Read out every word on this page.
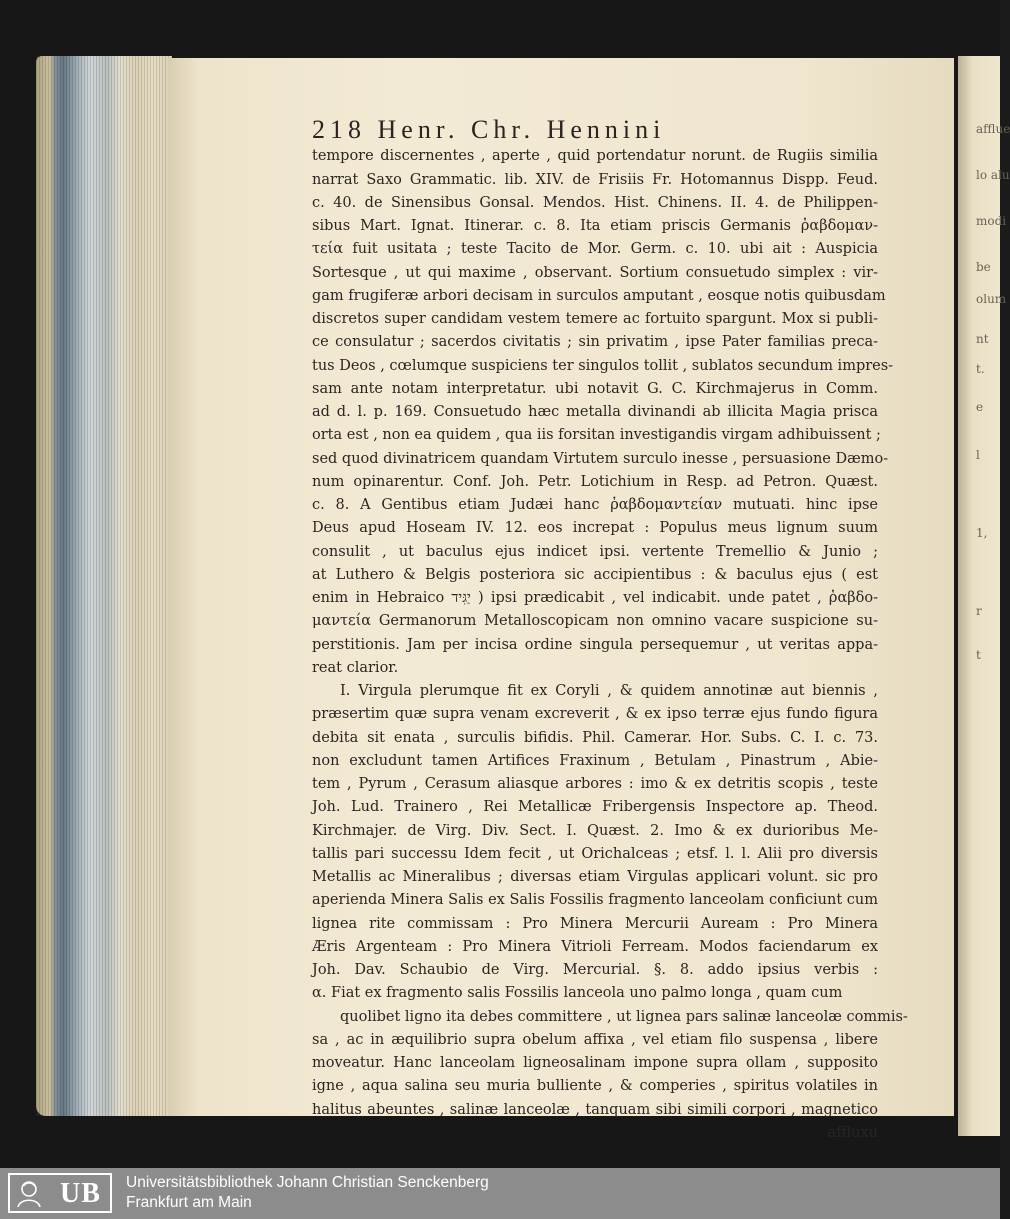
afflue
lo alu
modi
be
olum
nt
t.
e
l
1,
r
t
218 Henr. Chr. Hennini
tempore discernentes , aperte , quid portendatur norunt. de Rugiis similia
narrat Saxo Grammatic. lib. XIV. de Frisiis Fr. Hotomannus Dispp. Feud.
c. 40. de Sinensibus Gonsal. Mendos. Hist. Chinens. II. 4. de Philippen-
sibus Mart. Ignat. Itinerar. c. 8. Ita etiam priscis Germanis ῥαβδομαν-
τεία fuit usitata ; teste Tacito de Mor. Germ. c. 10. ubi ait : Auspicia
Sortesque , ut qui maxime , observant. Sortium consuetudo simplex : vir-
gam frugiferæ arbori decisam in surculos amputant , eosque notis quibusdam
discretos super candidam vestem temere ac fortuito spargunt. Mox si publi-
ce consulatur ; sacerdos civitatis ; sin privatim , ipse Pater familias preca-
tus Deos , cœlumque suspiciens ter singulos tollit , sublatos secundum impres-
sam ante notam interpretatur. ubi notavit G. C. Kirchmajerus in Comm.
ad d. l. p. 169. Consuetudo hæc metalla divinandi ab illicita Magia prisca
orta est , non ea quidem , qua iis forsitan investigandis virgam adhibuissent ;
sed quod divinatricem quandam Virtutem surculo inesse , persuasione Dæmo-
num opinarentur. Conf. Joh. Petr. Lotichium in Resp. ad Petron. Quæst.
c. 8. A Gentibus etiam Judæi hanc ῥαβδομαντείαν mutuati. hinc ipse
Deus apud Hoseam IV. 12. eos increpat : Populus meus lignum suum
consulit , ut baculus ejus indicet ipsi. vertente Tremellio & Junio ;
at Luthero & Belgis posteriora sic accipientibus : & baculus ejus ( est
enim in Hebraico יַגִּיד ) ipsi prædicabit , vel indicabit. unde patet , ῥαβδο-
μαντεία Germanorum Metalloscopicam non omnino vacare suspicione su-
perstitionis. Jam per incisa ordine singula persequemur , ut veritas appa-
reat clarior.
I. Virgula plerumque fit ex Coryli , & quidem annotinæ aut biennis ,
præsertim quæ supra venam excreverit , & ex ipso terræ ejus fundo figura
debita sit enata , surculis bifidis. Phil. Camerar. Hor. Subs. C. I. c. 73.
non excludunt tamen Artifices Fraxinum , Betulam , Pinastrum , Abie-
tem , Pyrum , Cerasum aliasque arbores : imo & ex detritis scopis , teste
Joh. Lud. Trainero , Rei Metallicæ Fribergensis Inspectore ap. Theod.
Kirchmajer. de Virg. Div. Sect. I. Quæst. 2. Imo & ex durioribus Me-
tallis pari successu Idem fecit , ut Orichalceas ; etsf. l. l. Alii pro diversis
Metallis ac Mineralibus ; diversas etiam Virgulas applicari volunt. sic pro
aperienda Minera Salis ex Salis Fossilis fragmento lanceolam conficiunt cum
lignea rite commissam : Pro Minera Mercurii Auream : Pro Minera
Æris Argenteam : Pro Minera Vitrioli Ferream. Modos faciendarum ex
Joh. Dav. Schaubio de Virg. Mercurial. §. 8. addo ipsius verbis :
α. Fiat ex fragmento salis Fossilis lanceola uno palmo longa , quam cum
quolibet ligno ita debes committere , ut lignea pars salinæ lanceolæ commis-
sa , ac in æquilibrio supra obelum affixa , vel etiam filo suspensa , libere
moveatur. Hanc lanceolam ligneosalinam impone supra ollam , supposito
igne , aqua salina seu muria bulliente , & comperies , spiritus volatiles in
halitus abeuntes , salinæ lanceolæ , tanquam sibi simili corpori , magnetico
affluxu
UB Universitätsbibliothek Johann Christian Senckenberg
Frankfurt am Main
